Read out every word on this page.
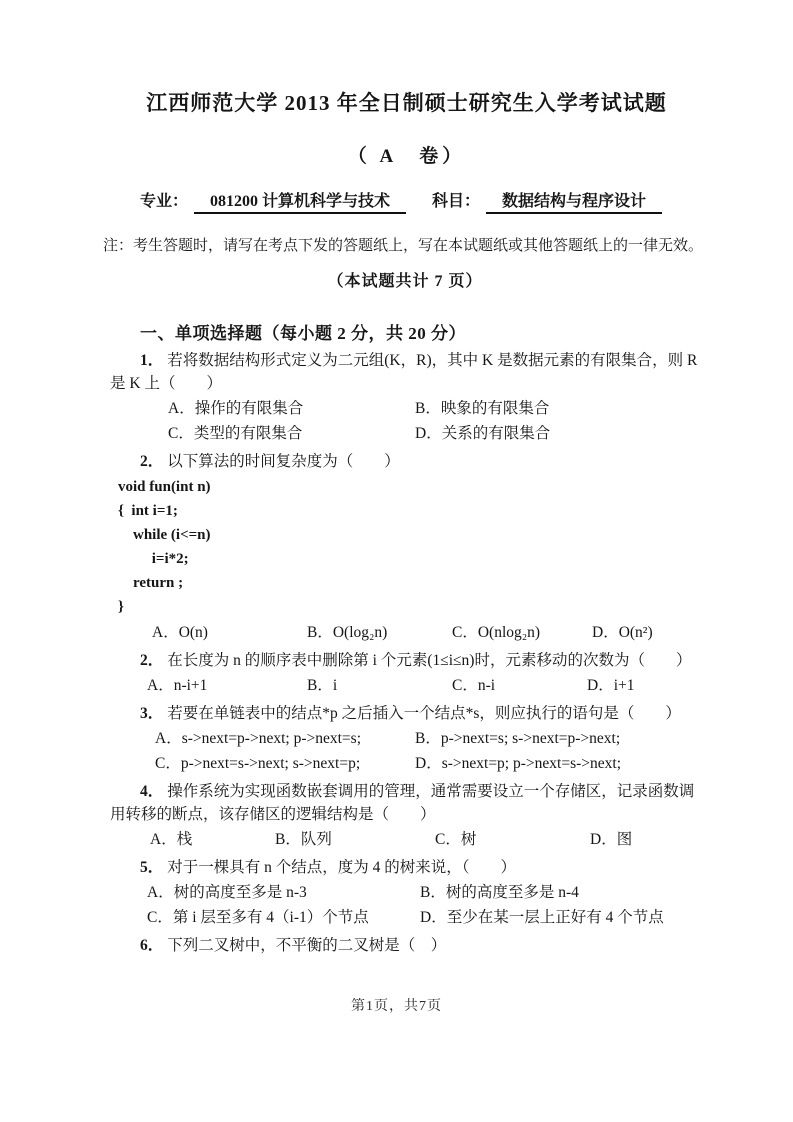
江西师范大学 2013 年全日制硕士研究生入学考试试题
（ A　卷）
专业：	081200 计算机科学与技术	科目：	数据结构与程序设计
注：考生答题时，请写在考点下发的答题纸上，写在本试题纸或其他答题纸上的一律无效。
（本试题共计 7 页）
一、单项选择题（每小题 2 分，共 20 分）
1． 若将数据结构形式定义为二元组(K，R)，其中 K 是数据元素的有限集合，则 R 是 K 上（　　）
A．操作的有限集合	B．映象的有限集合
C．类型的有限集合	D．关系的有限集合
2． 以下算法的时间复杂度为（　　）
void fun(int n)
{  int i=1;
while (i<=n)
i=i*2;
return ;
}
A．O(n)	B．O(log₂n)	C．O(nlog₂n)	D．O(n²)
2． 在长度为 n 的顺序表中删除第 i 个元素(1≤i≤n)时，元素移动的次数为（　　）
A．n-i+1	B．i	C．n-i	D．i+1
3． 若要在单链表中的结点*p 之后插入一个结点*s，则应执行的语句是（　　）
A．s->next=p->next; p->next=s;	B．p->next=s; s->next=p->next;
C．p->next=s->next; s->next=p;	D．s->next=p; p->next=s->next;
4． 操作系统为实现函数嵌套调用的管理，通常需要设立一个存储区，记录函数调用转移的断点，该存储区的逻辑结构是（　　）
A．栈	B．队列	C．树	D．图
5． 对于一棵具有 n 个结点，度为 4 的树来说，（　　）
A．树的高度至多是 n-3	B．树的高度至多是 n-4
C．第 i 层至多有 4（i-1）个节点	D．至少在某一层上正好有 4 个节点
6． 下列二叉树中，不平衡的二叉树是（　）
第1页，共7页
